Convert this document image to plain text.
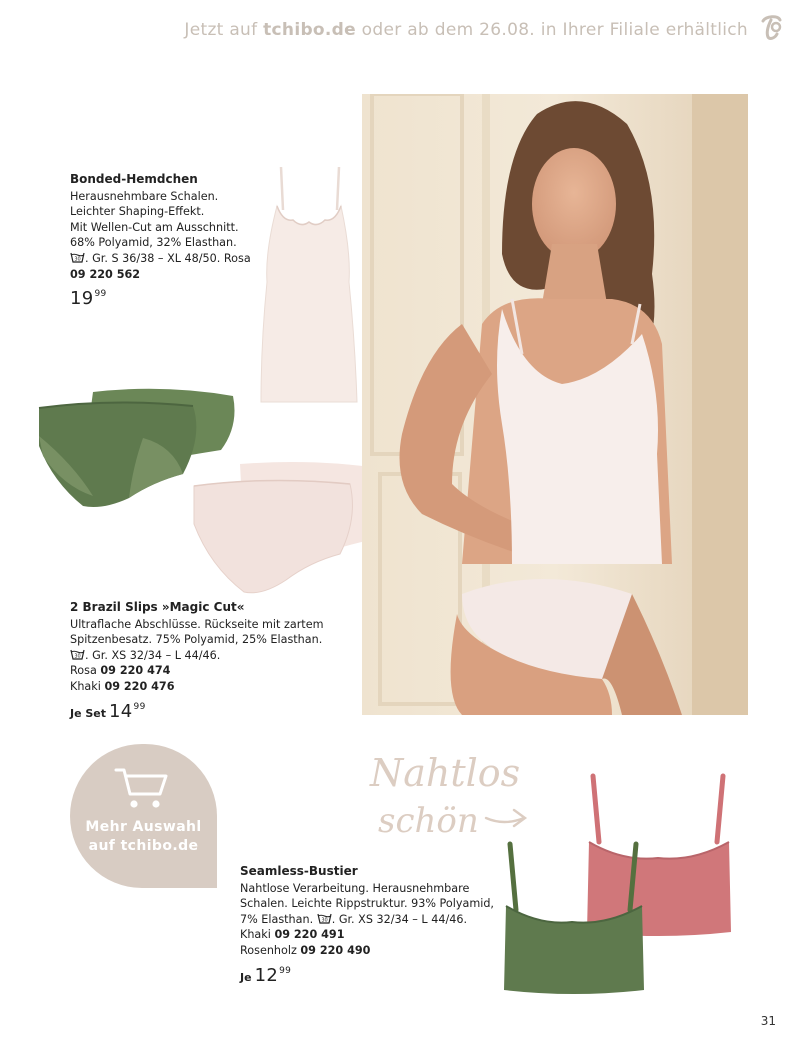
Jetzt auf tchibo.de oder ab dem 26.08. in Ihrer Filiale erhältlich
Bonded-Hemdchen
Herausnehmbare Schalen.
Leichter Shaping-Effekt.
Mit Wellen-Cut am Ausschnitt.
68% Polyamid, 32% Elasthan.
30 . Gr. S 36/38 – XL 48/50. Rosa
09 220 562
$19^{99}$
2 Brazil Slips »Magic Cut«
Ultraflache Abschlüsse. Rückseite mit zartem
Spitzenbesatz. 75% Polyamid, 25% Elasthan.
30 . Gr. XS 32/34 – L 44/46.
Rosa 09 220 474
Khaki 09 220 476
Je Set $14^{99}$
Mehr Auswahl
auf tchibo.de
Nahtlos
schön
Seamless-Bustier
Nahtlose Verarbeitung. Herausnehmbare
Schalen. Leichte Rippstruktur. 93% Polyamid,
7% Elasthan. 30 . Gr. XS 32/34 – L 44/46.
Khaki 09 220 491
Rosenholz 09 220 490
Je $12^{99}$
31
